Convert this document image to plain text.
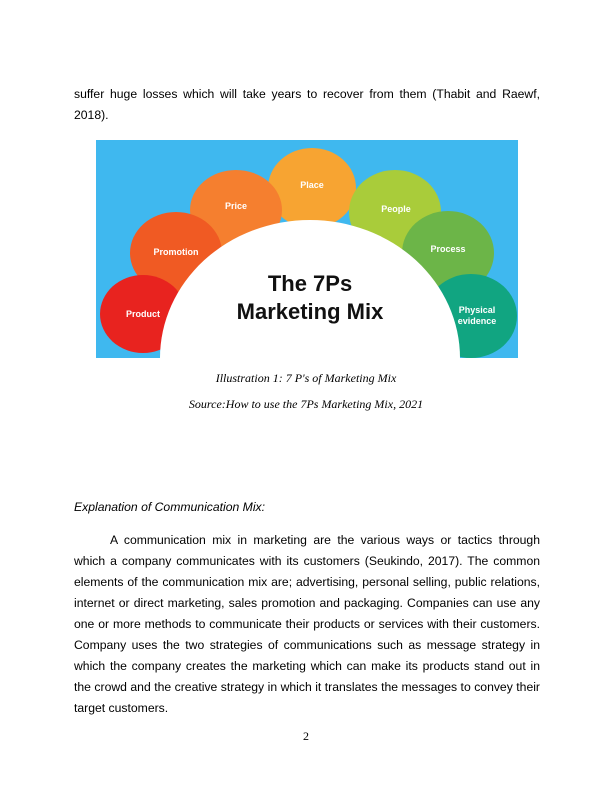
suffer huge losses which will take years to recover from them (Thabit and Raewf, 2018).

Place
Price	People
Promotion	Process
Product	Physical
evidence
The 7Ps
Marketing Mix
Illustration 1: 7 P's of Marketing Mix
Source:How to use the 7Ps Marketing Mix, 2021
Explanation of Communication Mix:

A communication mix in marketing are the various ways or tactics through which a company communicates with its customers (Seukindo, 2017). The common elements of the communication mix are; advertising, personal selling, public relations, internet or direct marketing, sales promotion and packaging. Companies can use any one or more methods to communicate their products or services with their customers. Company uses the two strategies of communications such as message strategy in which the company creates the marketing which can make its products stand out in the crowd and the creative strategy in which it translates the messages to convey their target customers.

2
